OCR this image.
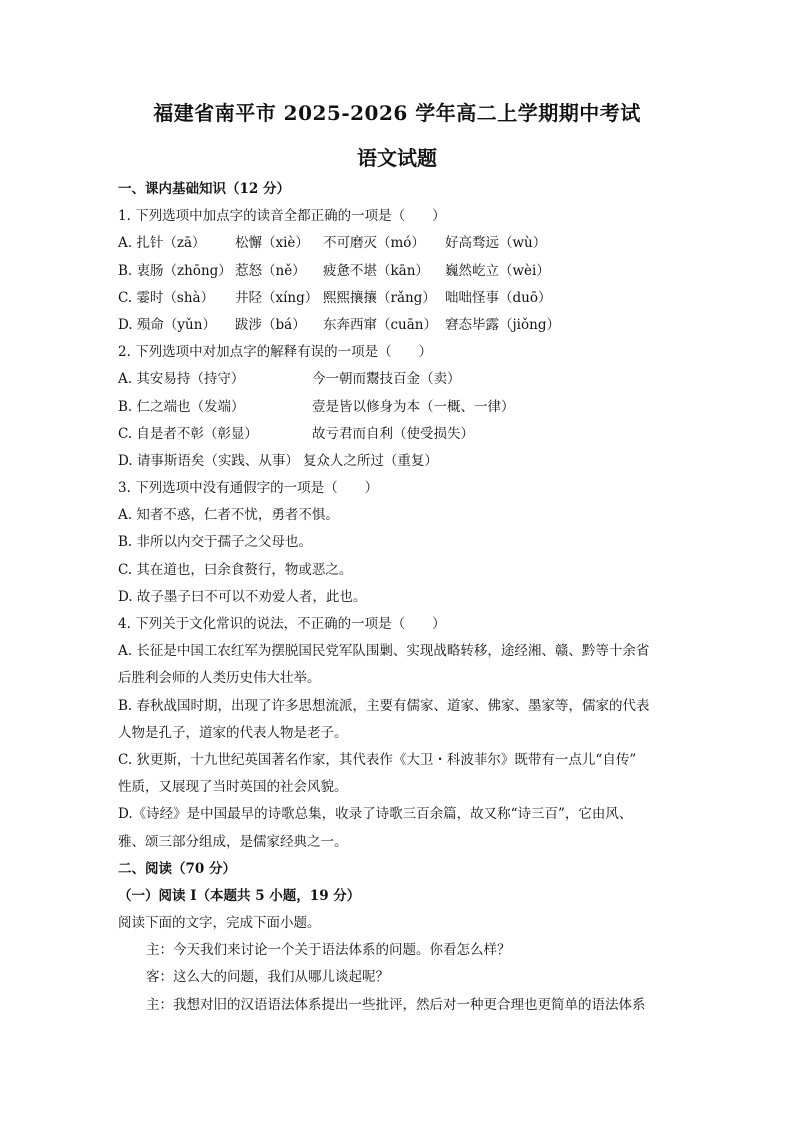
福建省南平市 2025-2026 学年高二上学期期中考试
语文试题
一、课内基础知识（12 分）
1. 下列选项中加点字的读音全都正确的一项是（　　）
A. 扎针（zā） 松懈（xiè） 不可磨灭（mó） 好高骛远（wù）
B. 衷肠（zhōng） 惹怒（ně） 疲惫不堪（kān） 巍然屹立（wèi）
C. 霎时（shà） 井陉（xíng） 熙熙攘攘（rǎng） 咄咄怪事（duō）
D. 殒命（yǔn） 跋涉（bá） 东奔西窜（cuān） 窘态毕露（jiǒng）
2. 下列选项中对加点字的解释有误的一项是（　　）
A. 其安易持（持守）	今一朝而鬻技百金（卖）
B. 仁之端也（发端）	壹是皆以修身为本（一概、一律）
C. 自是者不彰（彰显）	故亏君而自利（使受损失）
D. 请事斯语矣（实践、从事） 复众人之所过（重复）
3. 下列选项中没有通假字的一项是（　　）
A. 知者不惑，仁者不忧，勇者不惧。
B. 非所以内交于孺子之父母也。
C. 其在道也，曰余食赘行，物或恶之。
D. 故子墨子曰不可以不劝爱人者，此也。
4. 下列关于文化常识的说法，不正确的一项是（　　）
A. 长征是中国工农红军为摆脱国民党军队围剿、实现战略转移，途经湘、赣、黔等十余省
后胜利会师的人类历史伟大壮举。
B. 春秋战国时期，出现了许多思想流派，主要有儒家、道家、佛家、墨家等，儒家的代表
人物是孔子，道家的代表人物是老子。
C. 狄更斯，十九世纪英国著名作家，其代表作《大卫・科波菲尔》既带有一点儿“自传”
性质，又展现了当时英国的社会风貌。
D.《诗经》是中国最早的诗歌总集，收录了诗歌三百余篇，故又称“诗三百”，它由风、
雅、颂三部分组成，是儒家经典之一。
二、阅读（70 分）
（一）阅读 I（本题共 5 小题，19 分）
阅读下面的文字，完成下面小题。
主：今天我们来讨论一个关于语法体系的问题。你看怎么样？
客：这么大的问题，我们从哪儿谈起呢？
主：我想对旧的汉语语法体系提出一些批评，然后对一种更合理也更简单的语法体系
